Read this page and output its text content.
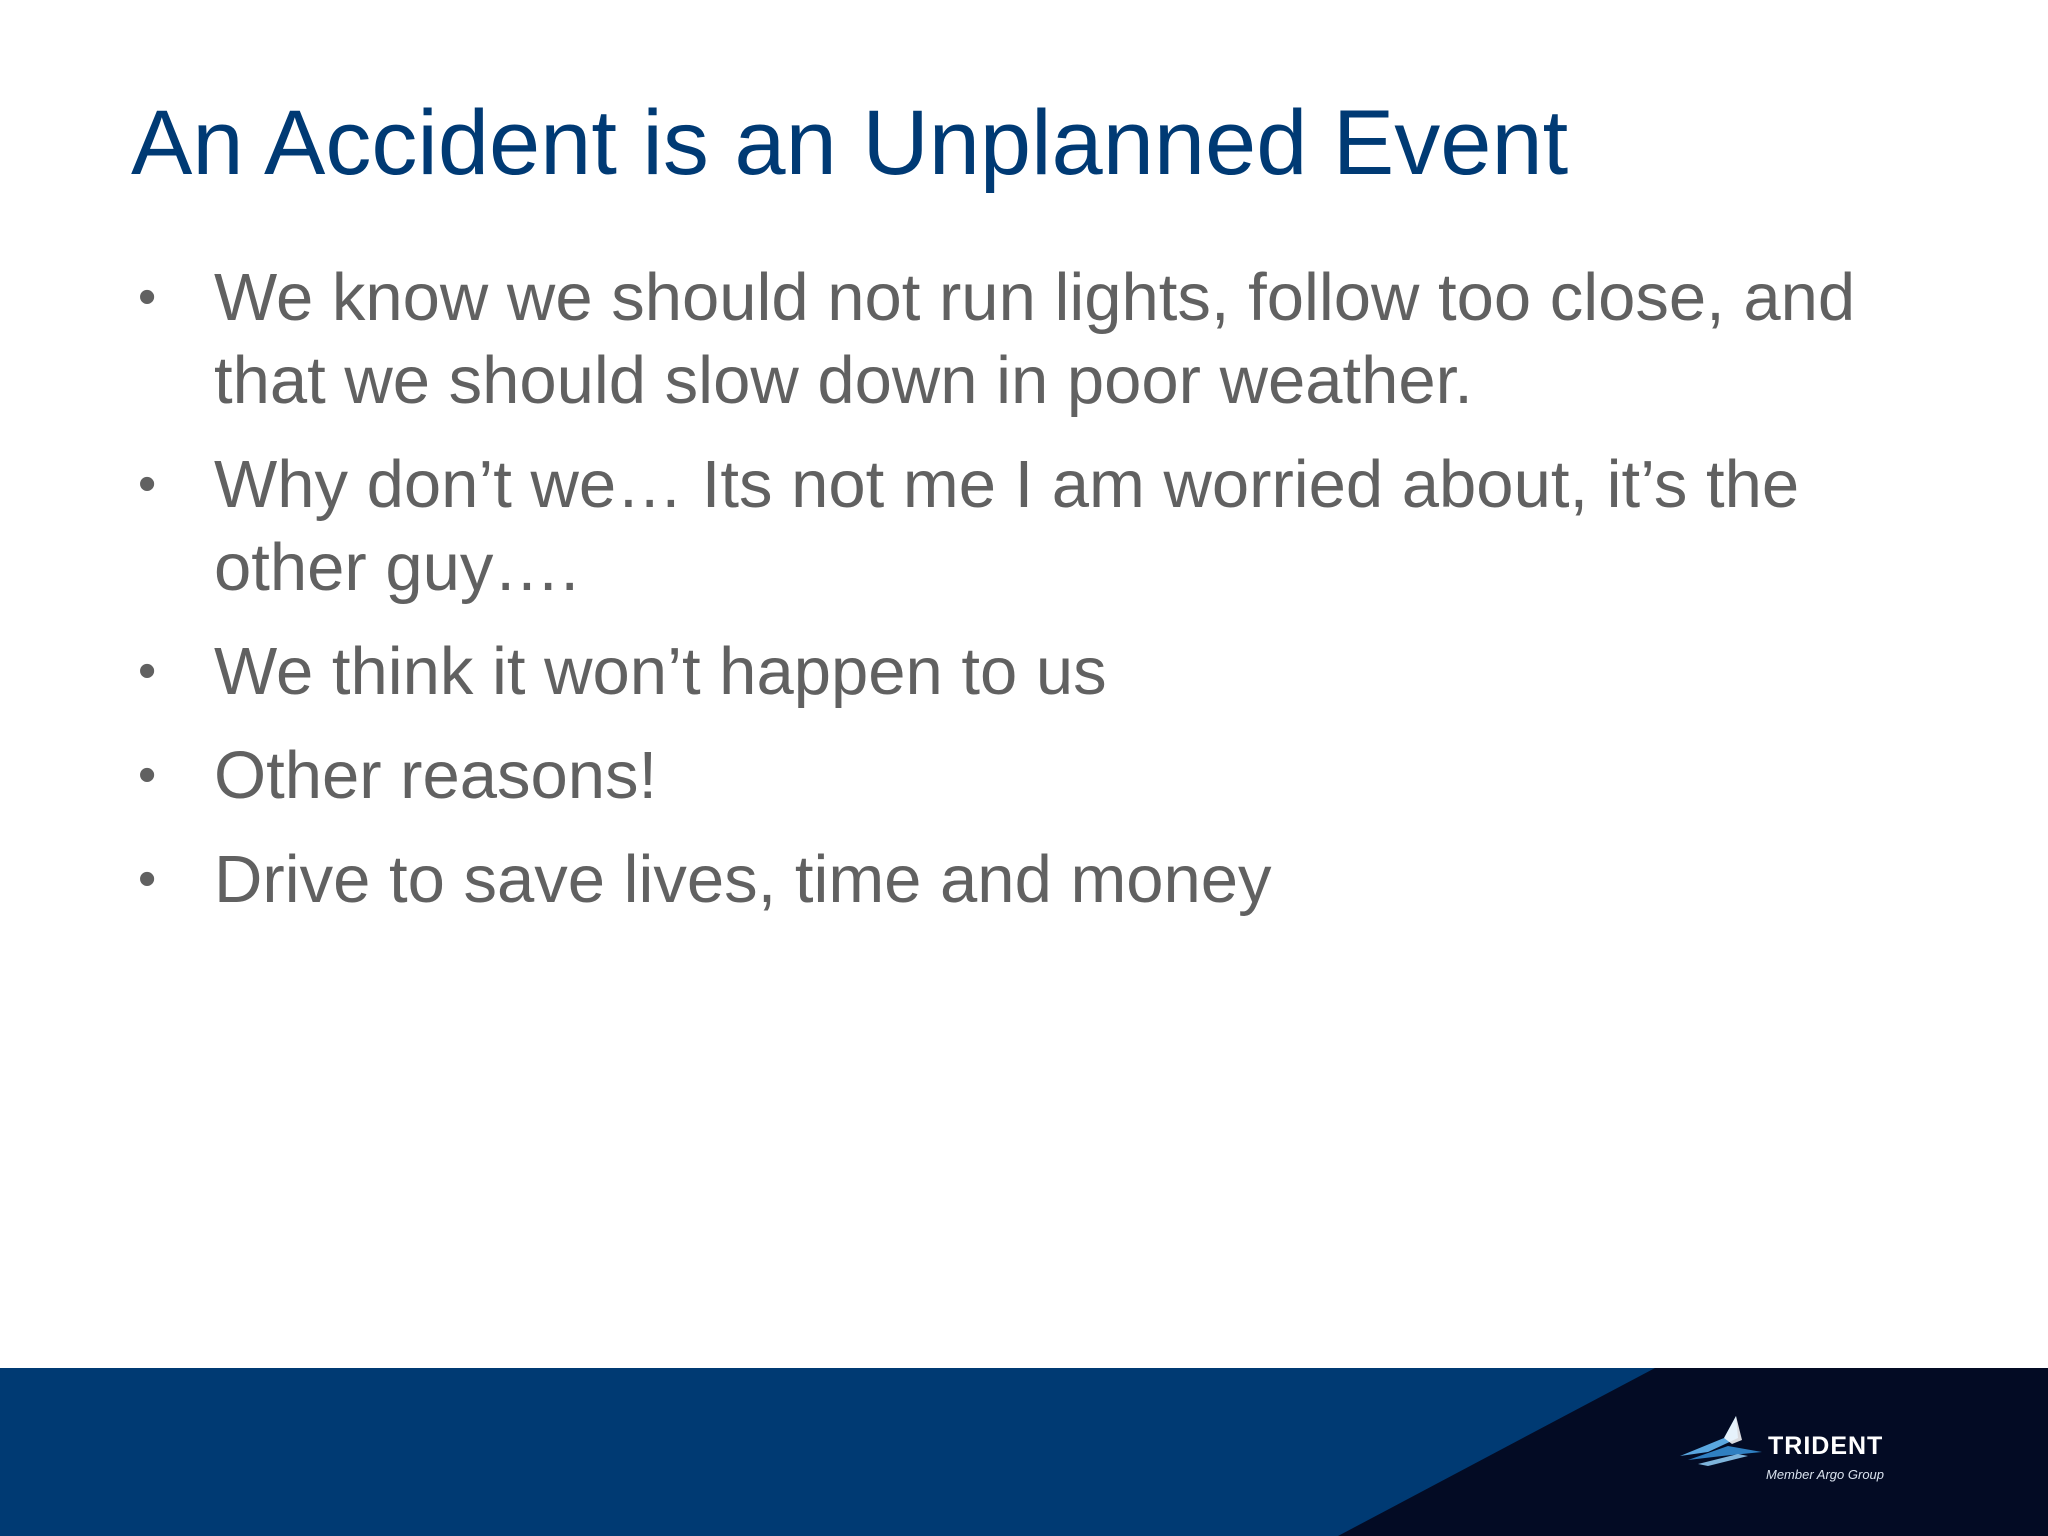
An Accident is an Unplanned Event
• We know we should not run lights, follow too close, and that we should slow down in poor weather.
• Why don’t we… Its not me I am worried about, it’s the other guy….
• We think it won’t happen to us
• Other reasons!
• Drive to save lives, time and money
TRIDENT
Member Argo Group
